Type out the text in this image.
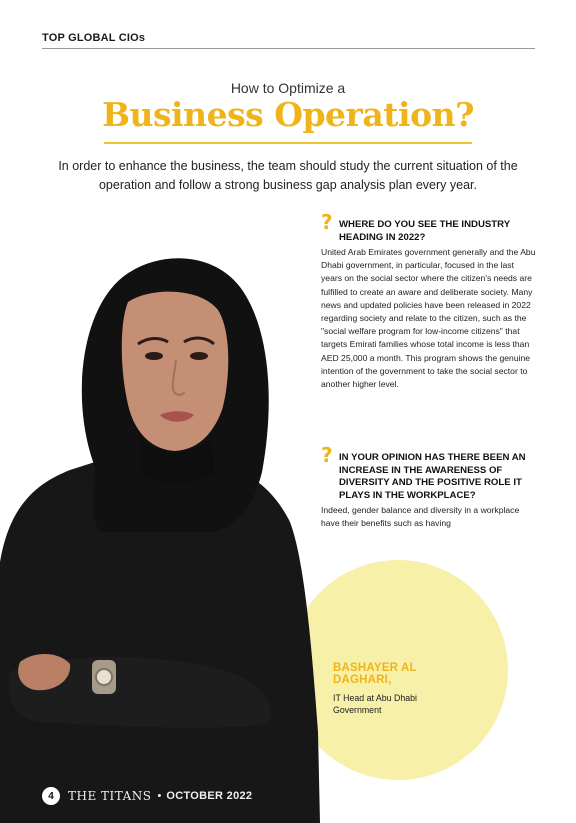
TOP GLOBAL CIOs
How to Optimize a
Business Operation?
In order to enhance the business, the team should study the current situation of the operation and follow a strong business gap analysis plan every year.
? WHERE DO YOU SEE THE INDUSTRY HEADING IN 2022?
United Arab Emirates government generally and the Abu Dhabi government, in particular, focused in the last years on the social sector where the citizen's needs are fulfilled to create an aware and deliberate society. Many news and updated policies have been released in 2022 regarding society and relate to the citizen, such as the "social welfare program for low-income citizens" that targets Emirati families whose total income is less than AED 25,000 a month. This program shows the genuine intention of the government to take the social sector to another higher level.
? IN YOUR OPINION HAS THERE BEEN AN INCREASE IN THE AWARENESS OF DIVERSITY AND THE POSITIVE ROLE IT PLAYS IN THE WORKPLACE?
Indeed, gender balance and diversity in a workplace have their benefits such as having
BASHAYER AL
DAGHARI,
IT Head at Abu Dhabi Government
4	THE TITANS • OCTOBER 2022
